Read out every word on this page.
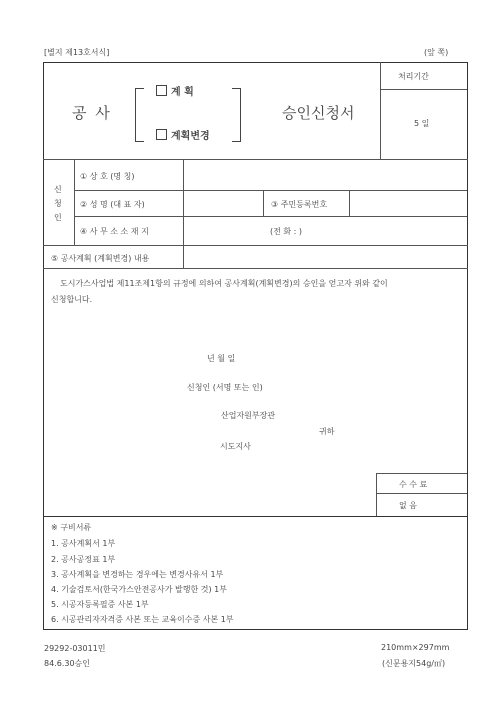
[별지 제13호서식]	(앞 쪽)
공 사
계 획
계획변경
승인신청서
처리기간
5 일
신
청
인
① 상 호 (명 칭)
② 성 명 (대 표 자)	③ 주민등록번호
④ 사 무 소 소 재 지	(전 화 : )
⑤ 공사계획 (계획변경) 내용
도시가스사업법 제11조제1항의 규정에 의하여 공사계획(계획변경)의 승인을 얻고자 위와 같이
신청합니다.
년 월 일
신청인 (서명 또는 인)
산업자원부장관
귀하
시도지사
수 수 료
없 음
※ 구비서류
1. 공사계획서 1부
2. 공사공정표 1부
3. 공사계획을 변경하는 경우에는 변경사유서 1부
4. 기술검토서(한국가스안전공사가 발행한 것) 1부
5. 시공자등록필증 사본 1부
6. 시공관리자자격증 사본 또는 교육이수증 사본 1부
29292-03011민
84.6.30승인
210mm×297mm
(신문용지54g/㎡)
